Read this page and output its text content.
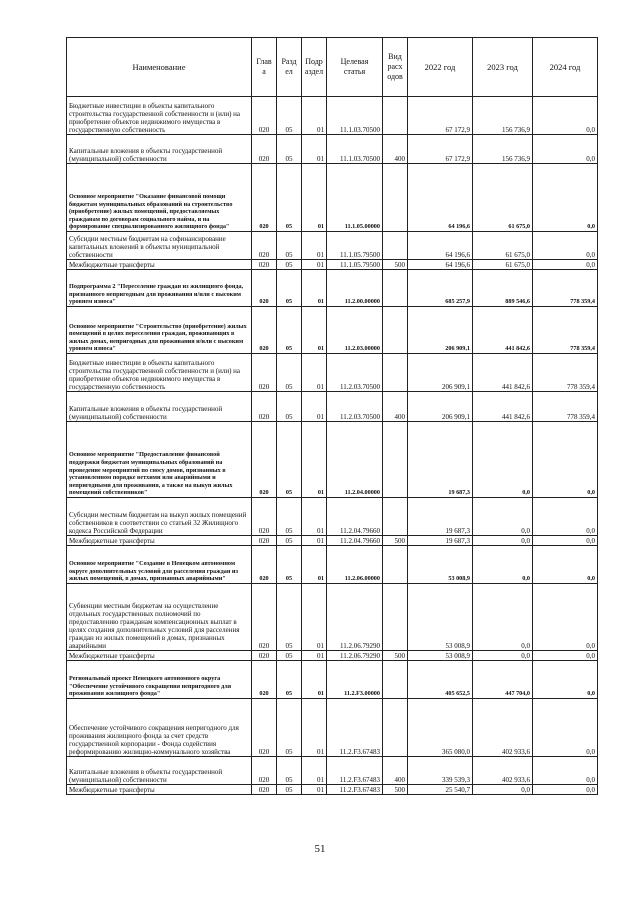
Наименование	Глав а	Разд ел	Подр аздел	Целевая статья	Вид расх одов	2022 год	2023 год	2024 год
Бюджетные инвестиции в объекты капитального строительства государственной собственности и (или) на приобретение объектов недвижимого имущества в государственную собственность	020	05	01	11.1.03.70500		67 172,9	156 736,9	0,0
Капитальные вложения в объекты государственной (муниципальной) собственности	020	05	01	11.1.03.70500	400	67 172,9	156 736,9	0,0
Основное мероприятие "Оказание финансовой помощи бюджетам муниципальных образований на строительство (приобретение) жилых помещений, предоставляемых гражданам по договорам социального найма, и на формирование специализированного жилищного фонда"	020	05	01	11.1.05.00000		64 196,6	61 675,0	0,0
Субсидии местным бюджетам на софинансирование капитальных вложений в объекты муниципальной собственности	020	05	01	11.1.05.79500		64 196,6	61 675,0	0,0
Межбюджетные трансферты	020	05	01	11.1.05.79500	500	64 196,6	61 675,0	0,0
Подпрограмма 2 "Переселение граждан из жилищного фонда, признанного непригодным для проживания и/или с высоким уровнем износа"	020	05	01	11.2.00.00000		685 257,9	889 546,6	778 359,4
Основное мероприятие "Строительство (приобретение) жилых помещений в целях переселения граждан, проживающих в жилых домах, непригодных для проживания и/или с высоким уровнем износа"	020	05	01	11.2.03.00000		206 909,1	441 842,6	778 359,4
Бюджетные инвестиции в объекты капитального строительства государственной собственности и (или) на приобретение объектов недвижимого имущества в государственную собственность	020	05	01	11.2.03.70500		206 909,1	441 842,6	778 359,4
Капитальные вложения в объекты государственной (муниципальной) собственности	020	05	01	11.2.03.70500	400	206 909,1	441 842,6	778 359,4
Основное мероприятие "Предоставление финансовой поддержки бюджетам муниципальных образований на проведение мероприятий по сносу домов, признанных в установленном порядке ветхими или аварийными и непригодными для проживания, а также на выкуп жилых помещений собственников"	020	05	01	11.2.04.00000		19 687,3	0,0	0,0
Субсидии местным бюджетам на выкуп жилых помещений собственников в соответствии со статьей 32 Жилищного кодекса Российской Федерации	020	05	01	11.2.04.79660		19 687,3	0,0	0,0
Межбюджетные трансферты	020	05	01	11.2.04.79660	500	19 687,3	0,0	0,0
Основное мероприятие "Создание в Ненецком автономном округе дополнительных условий для расселения граждан из жилых помещений, в домах, признанных аварийными"	020	05	01	11.2.06.00000		53 008,9	0,0	0,0
Субвенции местным бюджетам на осуществление отдельных государственных полномочий по предоставлению гражданам компенсационных выплат в целях создания дополнительных условий для расселения граждан из жилых помещений в домах, признанных аварийными	020	05	01	11.2.06.79290		53 008,9	0,0	0,0
Межбюджетные трансферты	020	05	01	11.2.06.79290	500	53 008,9	0,0	0,0
Региональный проект Ненецкого автономного округа "Обеспечение устойчивого сокращения непригодного для проживания жилищного фонда"	020	05	01	11.2.F3.00000		405 652,5	447 704,0	0,0
Обеспечение устойчивого сокращения непригодного для проживания жилищного фонда за счет средств государственной корпорации - Фонда содействия реформированию жилищно-коммунального хозяйства	020	05	01	11.2.F3.67483		365 080,0	402 933,6	0,0
Капитальные вложения в объекты государственной (муниципальной) собственности	020	05	01	11.2.F3.67483	400	339 539,3	402 933,6	0,0
Межбюджетные трансферты	020	05	01	11.2.F3.67483	500	25 540,7	0,0	0,0
51
